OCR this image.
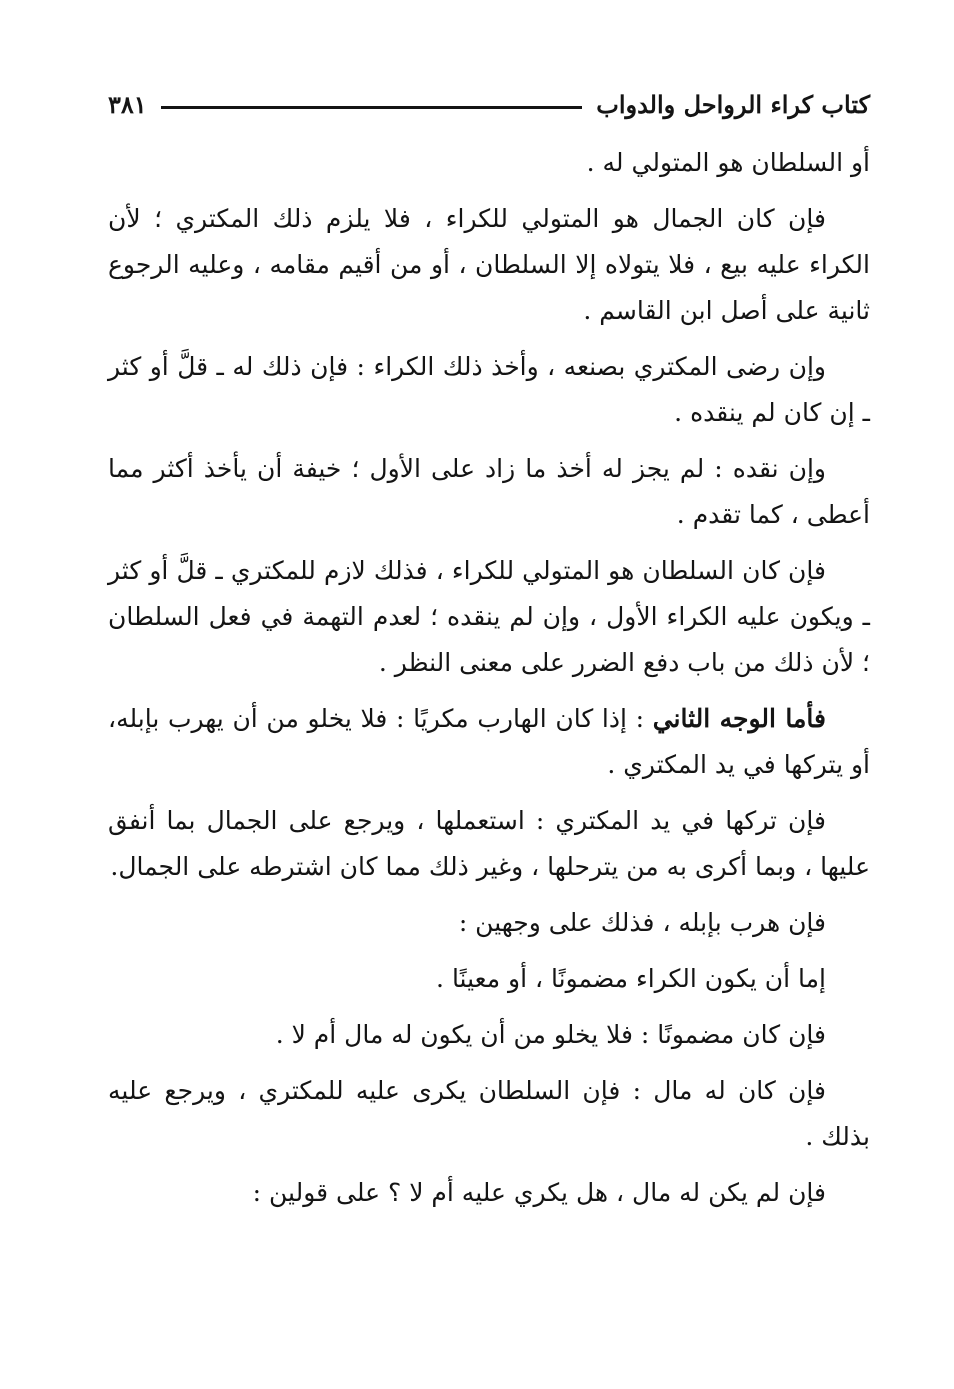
كتاب كراء الرواحل والدواب
٣٨١

أو السلطان هو المتولي له .

فإن كان الجمال هو المتولي للكراء ، فلا يلزم ذلك المكتري ؛ لأن الكراء عليه بيع ، فلا يتولاه إلا السلطان ، أو من أقيم مقامه ، وعليه الرجوع ثانية على أصل ابن القاسم .

وإن رضى المكتري بصنعه ، وأخذ ذلك الكراء : فإن ذلك له ـ قلَّ أو كثر ـ إن كان لم ينقده .

وإن نقده : لم يجز له أخذ ما زاد على الأول ؛ خيفة أن يأخذ أكثر مما أعطى ، كما تقدم .

فإن كان السلطان هو المتولي للكراء ، فذلك لازم للمكتري ـ قلَّ أو كثر ـ ويكون عليه الكراء الأول ، وإن لم ينقده ؛ لعدم التهمة في فعل السلطان ؛ لأن ذلك من باب دفع الضرر على معنى النظر .

فأما الوجه الثاني : إذا كان الهارب مكريًا : فلا يخلو من أن يهرب بإبله، أو يتركها في يد المكتري .

فإن تركها في يد المكتري : استعملها ، ويرجع على الجمال بما أنفق عليها ، وبما أكرى به من يترحلها ، وغير ذلك مما كان اشترطه على الجمال.

فإن هرب بإبله ، فذلك على وجهين :

إما أن يكون الكراء مضمونًا ، أو معينًا .

فإن كان مضمونًا : فلا يخلو من أن يكون له مال أم لا .

فإن كان له مال : فإن السلطان يكرى عليه للمكتري ، ويرجع عليه بذلك .

فإن لم يكن له مال ، هل يكري عليه أم لا ؟ على قولين :
